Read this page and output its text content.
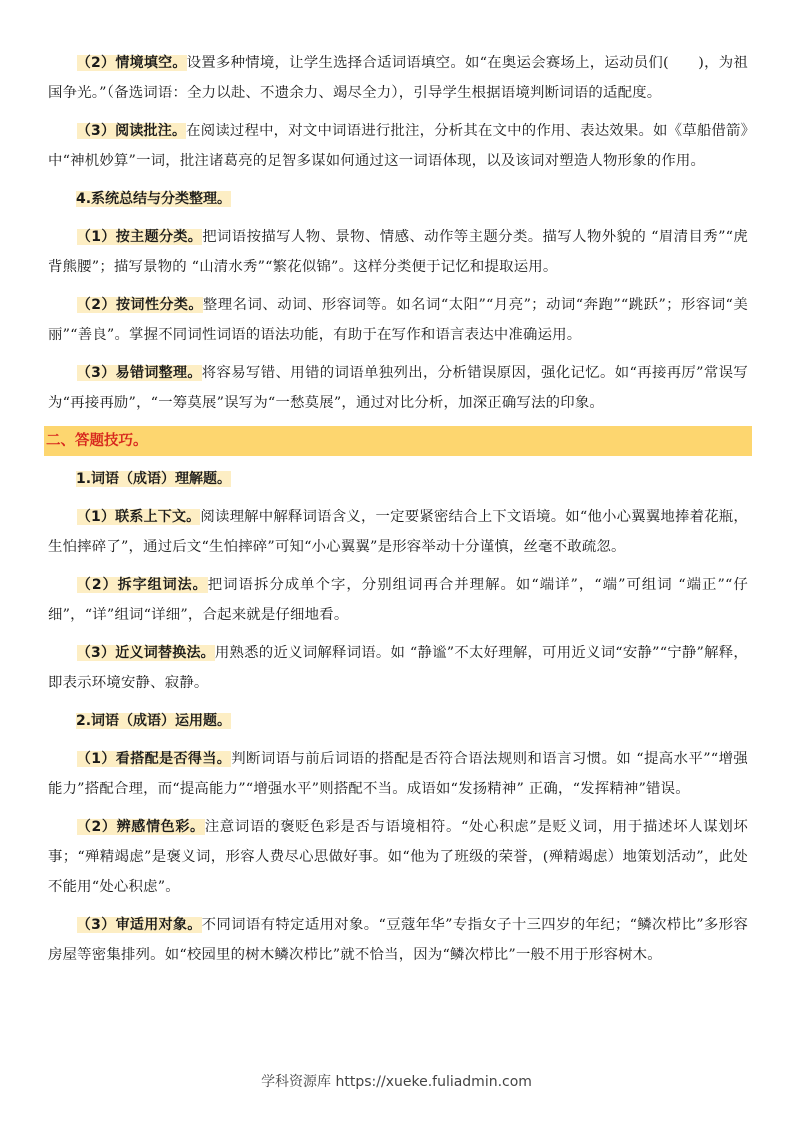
（2）情境填空。设置多种情境，让学生选择合适词语填空。如“在奥运会赛场上，运动员们(　　)，为祖国争光。”（备选词语：全力以赴、不遗余力、竭尽全力），引导学生根据语境判断词语的适配度。

（3）阅读批注。在阅读过程中，对文中词语进行批注，分析其在文中的作用、表达效果。如《草船借箭》中“神机妙算”一词，批注诸葛亮的足智多谋如何通过这一词语体现，以及该词对塑造人物形象的作用。

4.系统总结与分类整理。

（1）按主题分类。把词语按描写人物、景物、情感、动作等主题分类。描写人物外貌的 “眉清目秀”“虎背熊腰”；描写景物的 “山清水秀”“繁花似锦”。这样分类便于记忆和提取运用。

（2）按词性分类。整理名词、动词、形容词等。如名词“太阳”“月亮”；动词“奔跑”“跳跃”；形容词“美丽”“善良”。掌握不同词性词语的语法功能，有助于在写作和语言表达中准确运用。

（3）易错词整理。将容易写错、用错的词语单独列出，分析错误原因，强化记忆。如“再接再厉”常误写为“再接再励”，“一筹莫展”误写为“一愁莫展”，通过对比分析，加深正确写法的印象。

二、答题技巧。
1.词语（成语）理解题。

（1）联系上下文。阅读理解中解释词语含义，一定要紧密结合上下文语境。如“他小心翼翼地捧着花瓶，生怕摔碎了”，通过后文“生怕摔碎”可知“小心翼翼”是形容举动十分谨慎，丝毫不敢疏忽。

（2）拆字组词法。把词语拆分成单个字，分别组词再合并理解。如“端详”，“端”可组词 “端正”“仔细”，“详”组词“详细”，合起来就是仔细地看。

（3）近义词替换法。用熟悉的近义词解释词语。如 “静谧”不太好理解，可用近义词“安静”“宁静”解释，即表示环境安静、寂静。

2.词语（成语）运用题。

（1）看搭配是否得当。判断词语与前后词语的搭配是否符合语法规则和语言习惯。如 “提高水平”“增强能力”搭配合理，而“提高能力”“增强水平”则搭配不当。成语如“发扬精神” 正确，“发挥精神”错误。

（2）辨感情色彩。注意词语的褒贬色彩是否与语境相符。“处心积虑”是贬义词，用于描述坏人谋划坏事；“殚精竭虑”是褒义词，形容人费尽心思做好事。如“他为了班级的荣誉，(殚精竭虑）地策划活动”，此处不能用“处心积虑”。

（3）审适用对象。不同词语有特定适用对象。“豆蔻年华”专指女子十三四岁的年纪；“鳞次栉比”多形容房屋等密集排列。如“校园里的树木鳞次栉比”就不恰当，因为“鳞次栉比”一般不用于形容树木。

学科资源库 https://xueke.fuliadmin.com
